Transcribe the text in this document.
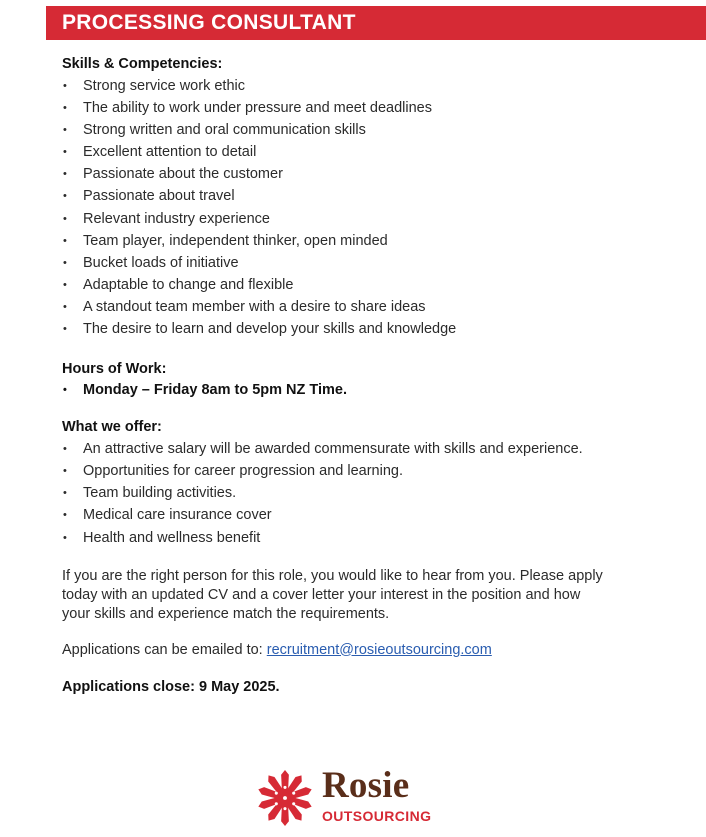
PROCESSING CONSULTANT

Skills & Competencies:

• Strong service work ethic
• The ability to work under pressure and meet deadlines
• Strong written and oral communication skills
• Excellent attention to detail
• Passionate about the customer
• Passionate about travel
• Relevant industry experience
• Team player, independent thinker, open minded
• Bucket loads of initiative
• Adaptable to change and flexible
• A standout team member with a desire to share ideas
• The desire to learn and develop your skills and knowledge

Hours of Work:

• Monday – Friday 8am to 5pm NZ Time.

What we offer:

• An attractive salary will be awarded commensurate with skills and experience.
• Opportunities for career progression and learning.
• Team building activities.
• Medical care insurance cover
• Health and wellness benefit

If you are the right person for this role, you would like to hear from you. Please apply

today with an updated CV and a cover letter your interest in the position and how

your skills and experience match the requirements.

Applications can be emailed to: recruitment@rosieoutsourcing.com

Applications close: 9 May 2025.

Rosie
OUTSOURCING
